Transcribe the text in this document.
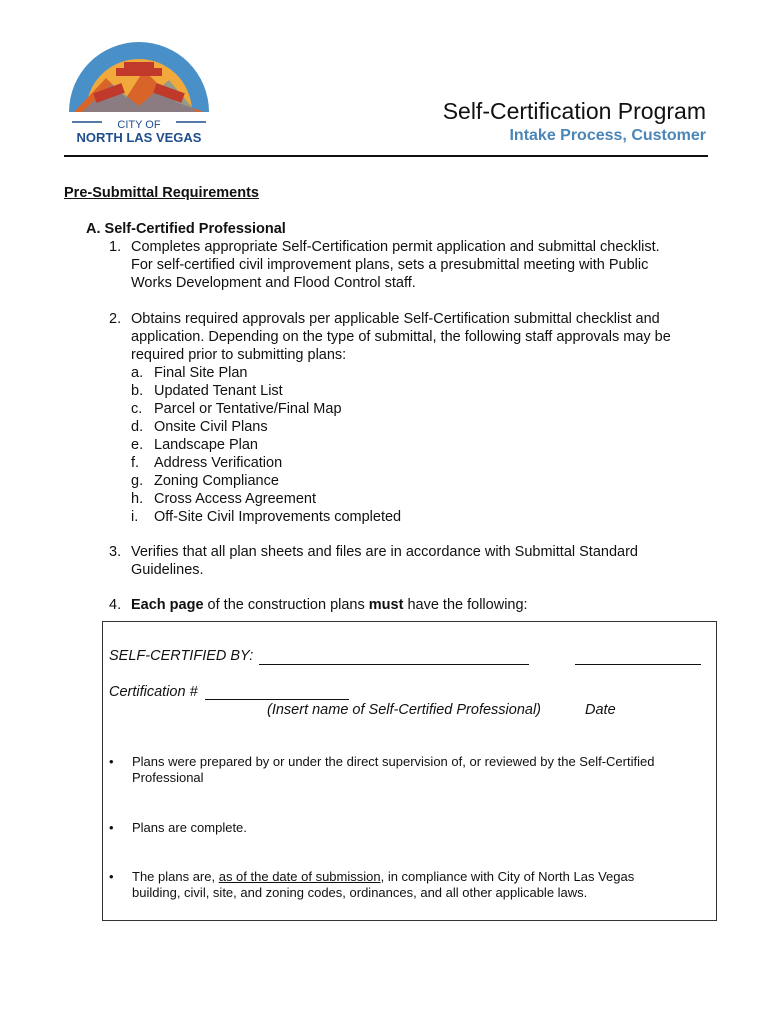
CITY OF
NORTH LAS VEGAS
Self-Certification Program
Intake Process, Customer
Pre-Submittal Requirements
A. Self-Certified Professional
1. Completes appropriate Self-Certification permit application and submittal checklist.
For self-certified civil improvement plans, sets a presubmittal meeting with Public
Works Development and Flood Control staff.
2. Obtains required approvals per applicable Self-Certification submittal checklist and
application. Depending on the type of submittal, the following staff approvals may be
required prior to submitting plans:
a. Final Site Plan
b. Updated Tenant List
c. Parcel or Tentative/Final Map
d. Onsite Civil Plans
e. Landscape Plan
f. Address Verification
g. Zoning Compliance
h. Cross Access Agreement
i. Off-Site Civil Improvements completed
3. Verifies that all plan sheets and files are in accordance with Submittal Standard
Guidelines.
4. Each page of the construction plans must have the following:
SELF-CERTIFIED BY:
Certification #
(Insert name of Self-Certified Professional)	Date
• Plans were prepared by or under the direct supervision of, or reviewed by the Self-Certified
Professional
• Plans are complete.
• The plans are, as of the date of submission, in compliance with City of North Las Vegas
building, civil, site, and zoning codes, ordinances, and all other applicable laws.
